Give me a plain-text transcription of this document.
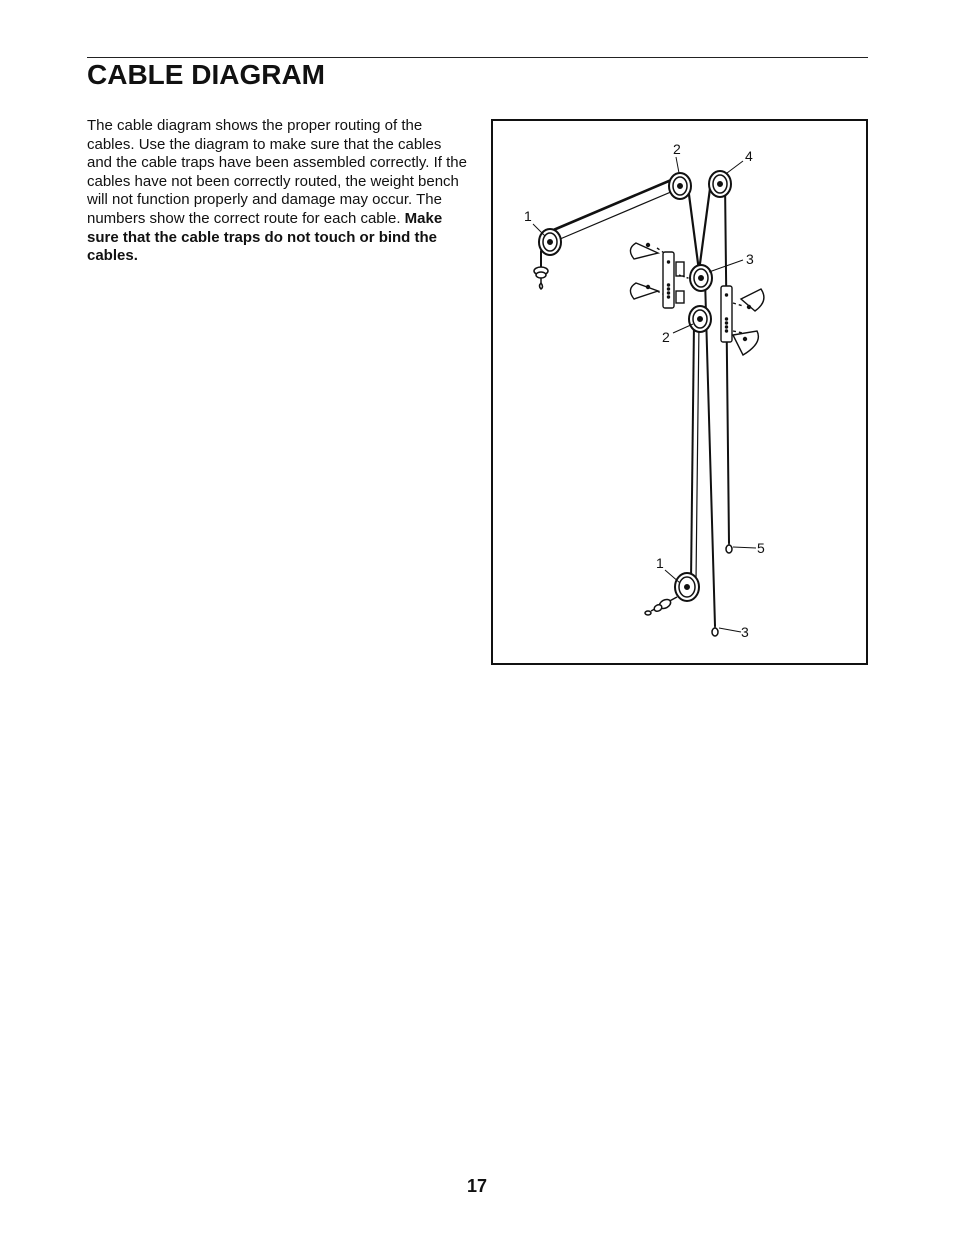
CABLE DIAGRAM

The cable diagram shows the proper routing of the cables. Use the diagram to make sure that the cables and the cable traps have been assembled correctly. If the cables have not been correctly routed, the weight bench will not function properly and damage may occur. The numbers show the correct route for each cable. Make sure that the cable traps do not touch or bind the cables.

1
2	4
3
2
5
1
3
17
